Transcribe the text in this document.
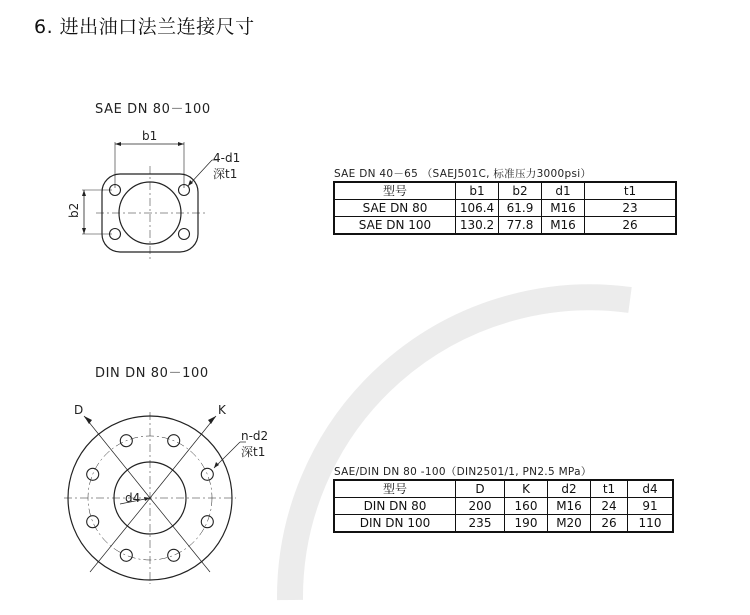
6. 进出油口法兰连接尺寸
SAE DN 80－100
b1
b2
4-d1
深t1	SAE DN 40－65 （SAEJ501C, 标准压力3000psi）
型号	b1	b2	d1	t1
SAE DN 80	106.4	61.9	M16	23
SAE DN 100	130.2	77.8	M16	26
DIN DN 80－100
D	K
d4
n-d2
深t1
SAE/DIN DN 80 -100（DIN2501/1, PN2.5 MPa）
型号	D	K	d2	t1	d4
DIN DN 80	200	160	M16	24	91
DIN DN 100	235	190	M20	26	110
